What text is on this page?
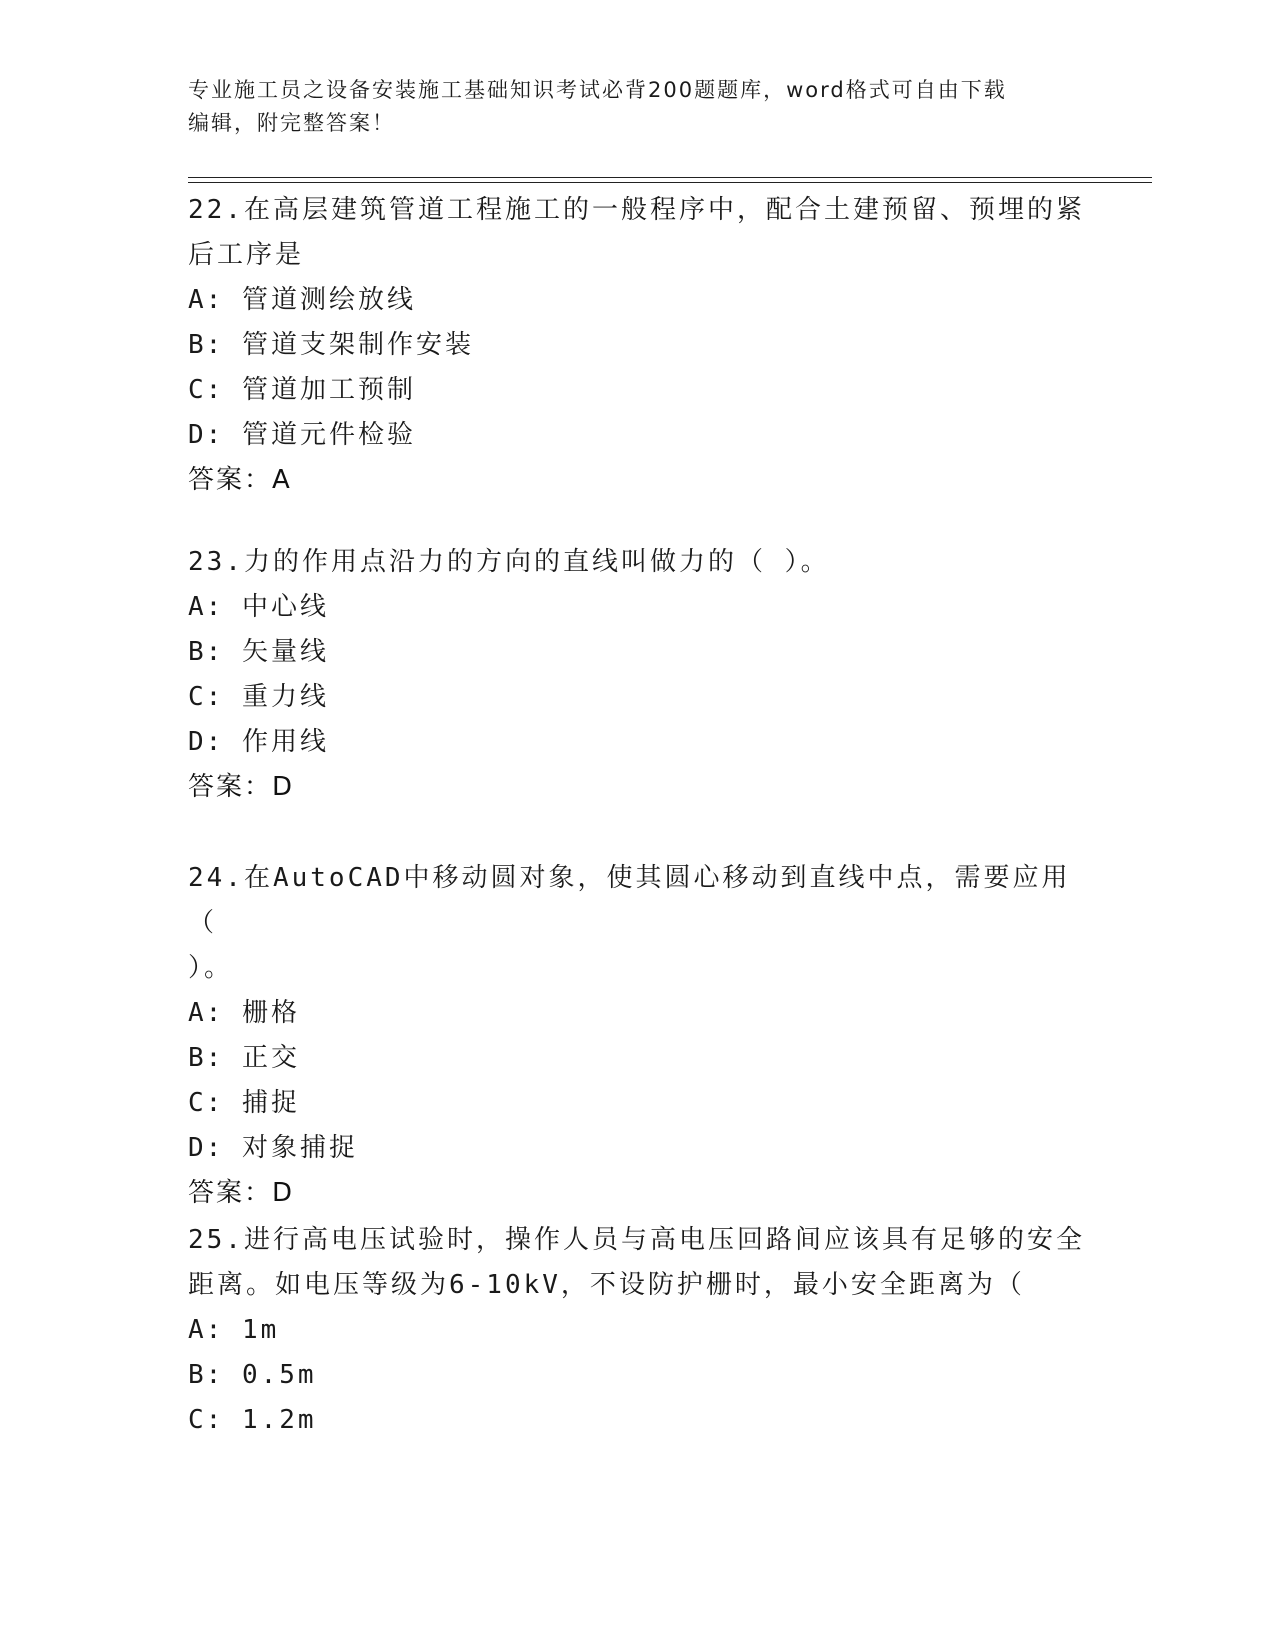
专业施工员之设备安装施工基础知识考试必背200题题库，word格式可自由下载
编辑，附完整答案！

22.在高层建筑管道工程施工的一般程序中，配合土建预留、预埋的紧

后工序是

A: 管道测绘放线

B: 管道支架制作安装

C: 管道加工预制

D: 管道元件检验

答案：A

23.力的作用点沿力的方向的直线叫做力的（ ）。

A: 中心线

B: 矢量线

C: 重力线

D: 作用线

答案：D

24.在AutoCAD中移动圆对象，使其圆心移动到直线中点，需要应用（

）。

A: 栅格

B: 正交

C: 捕捉

D: 对象捕捉

答案：D

25.进行高电压试验时，操作人员与高电压回路间应该具有足够的安全

距离。如电压等级为6-10kV，不设防护栅时，最小安全距离为（

A: 1m

B: 0.5m

C: 1.2m
